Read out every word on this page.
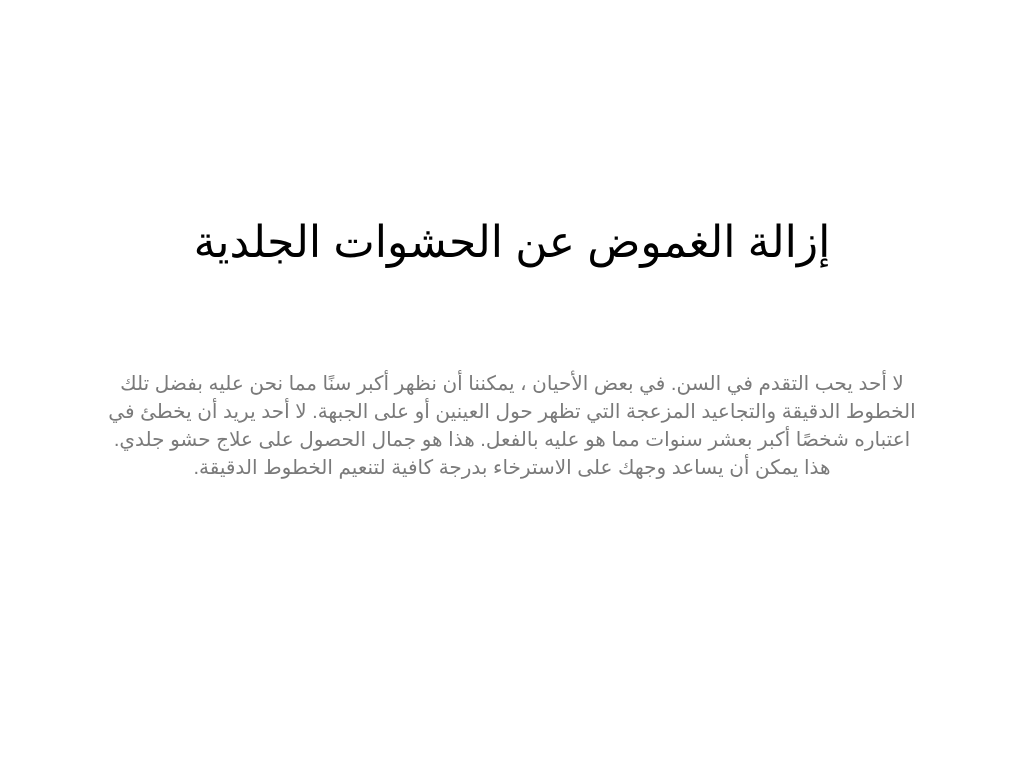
إزالة الغموض عن الحشوات الجلدية

لا أحد يحب التقدم في السن. في بعض الأحيان ، يمكننا أن نظهر أكبر سنًا مما نحن عليه بفضل تلك الخطوط الدقيقة والتجاعيد المزعجة التي تظهر حول العينين أو على الجبهة. لا أحد يريد أن يخطئ في اعتباره شخصًا أكبر بعشر سنوات مما هو عليه بالفعل. هذا هو جمال الحصول على علاج حشو جلدي. هذا يمكن أن يساعد وجهك على الاسترخاء بدرجة كافية لتنعيم الخطوط الدقيقة.
